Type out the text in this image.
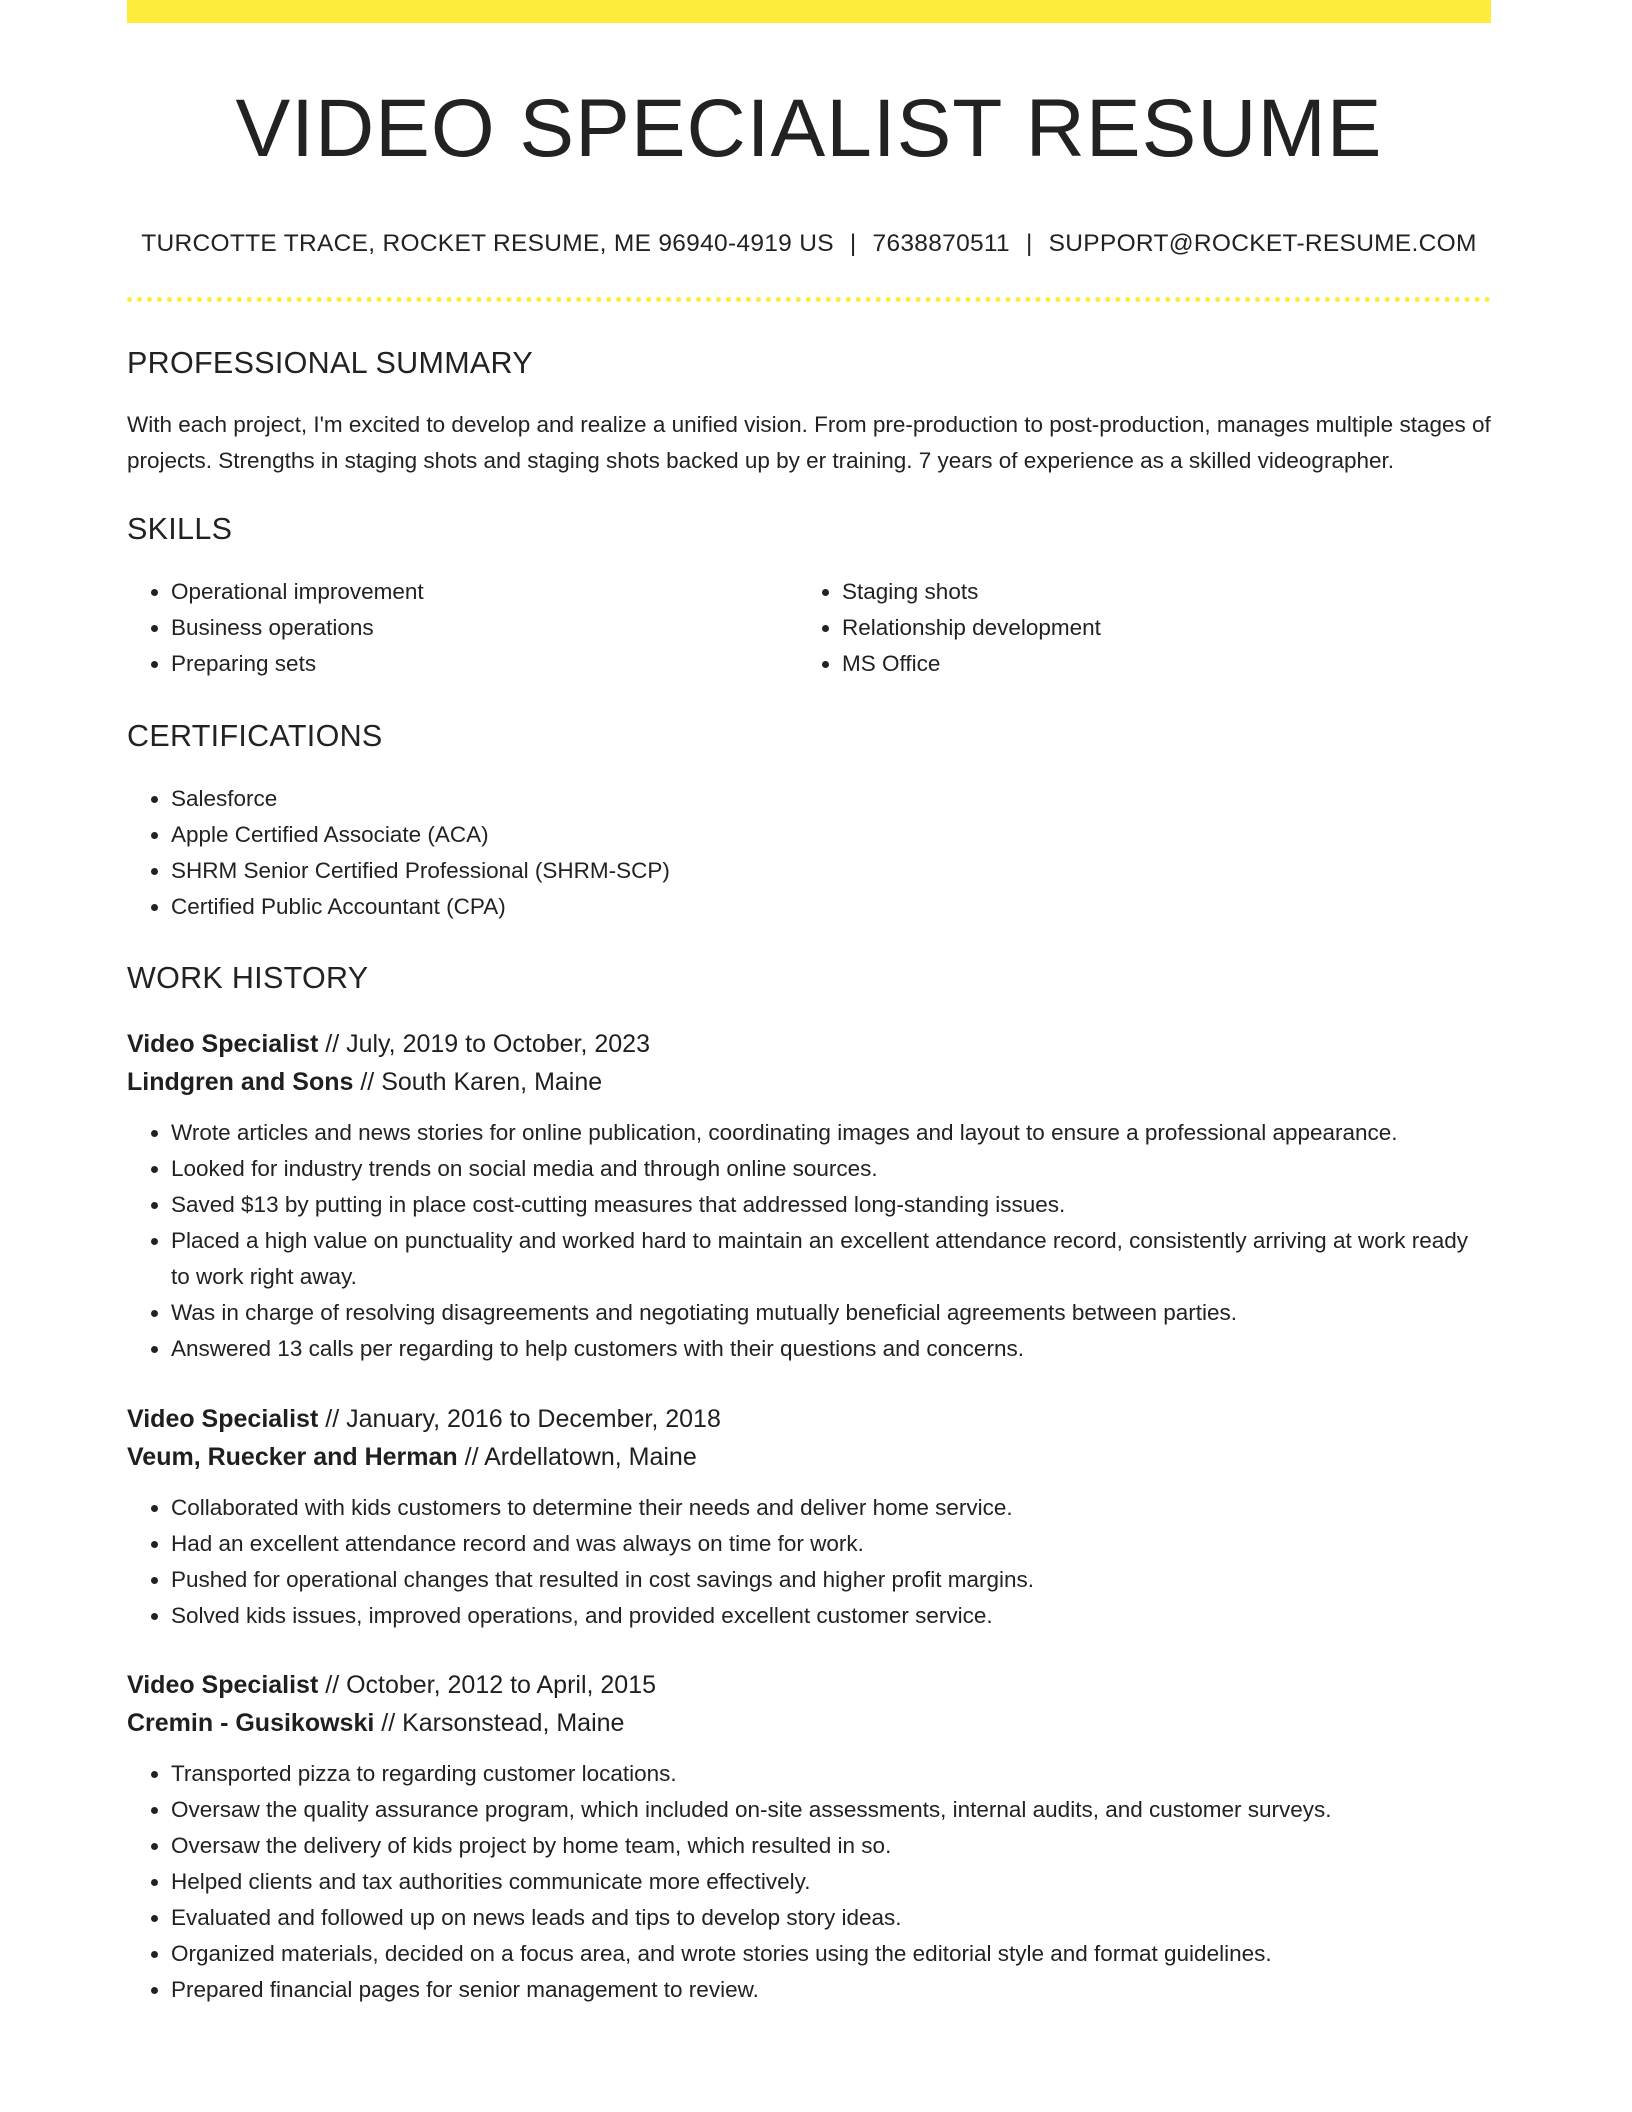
VIDEO SPECIALIST RESUME
TURCOTTE TRACE, ROCKET RESUME, ME 96940-4919 US | 7638870511 | SUPPORT@ROCKET-RESUME.COM
PROFESSIONAL SUMMARY

With each project, I'm excited to develop and realize a unified vision. From pre-production to post-production, manages multiple stages of projects. Strengths in staging shots and staging shots backed up by er training. 7 years of experience as a skilled videographer.

SKILLS
• Operational improvement
• Business operations
• Preparing sets
• Staging shots
• Relationship development
• MS Office
CERTIFICATIONS
• Salesforce
• Apple Certified Associate (ACA)
• SHRM Senior Certified Professional (SHRM-SCP)
• Certified Public Accountant (CPA)
WORK HISTORY
Video Specialist // July, 2019 to October, 2023
Lindgren and Sons // South Karen, Maine
• Wrote articles and news stories for online publication, coordinating images and layout to ensure a professional appearance.
• Looked for industry trends on social media and through online sources.
• Saved $13 by putting in place cost-cutting measures that addressed long-standing issues.
• Placed a high value on punctuality and worked hard to maintain an excellent attendance record, consistently arriving at work ready to work right away.
• Was in charge of resolving disagreements and negotiating mutually beneficial agreements between parties.
• Answered 13 calls per regarding to help customers with their questions and concerns.
Video Specialist // January, 2016 to December, 2018
Veum, Ruecker and Herman // Ardellatown, Maine
• Collaborated with kids customers to determine their needs and deliver home service.
• Had an excellent attendance record and was always on time for work.
• Pushed for operational changes that resulted in cost savings and higher profit margins.
• Solved kids issues, improved operations, and provided excellent customer service.
Video Specialist // October, 2012 to April, 2015
Cremin - Gusikowski // Karsonstead, Maine
• Transported pizza to regarding customer locations.
• Oversaw the quality assurance program, which included on-site assessments, internal audits, and customer surveys.
• Oversaw the delivery of kids project by home team, which resulted in so.
• Helped clients and tax authorities communicate more effectively.
• Evaluated and followed up on news leads and tips to develop story ideas.
• Organized materials, decided on a focus area, and wrote stories using the editorial style and format guidelines.
• Prepared financial pages for senior management to review.
